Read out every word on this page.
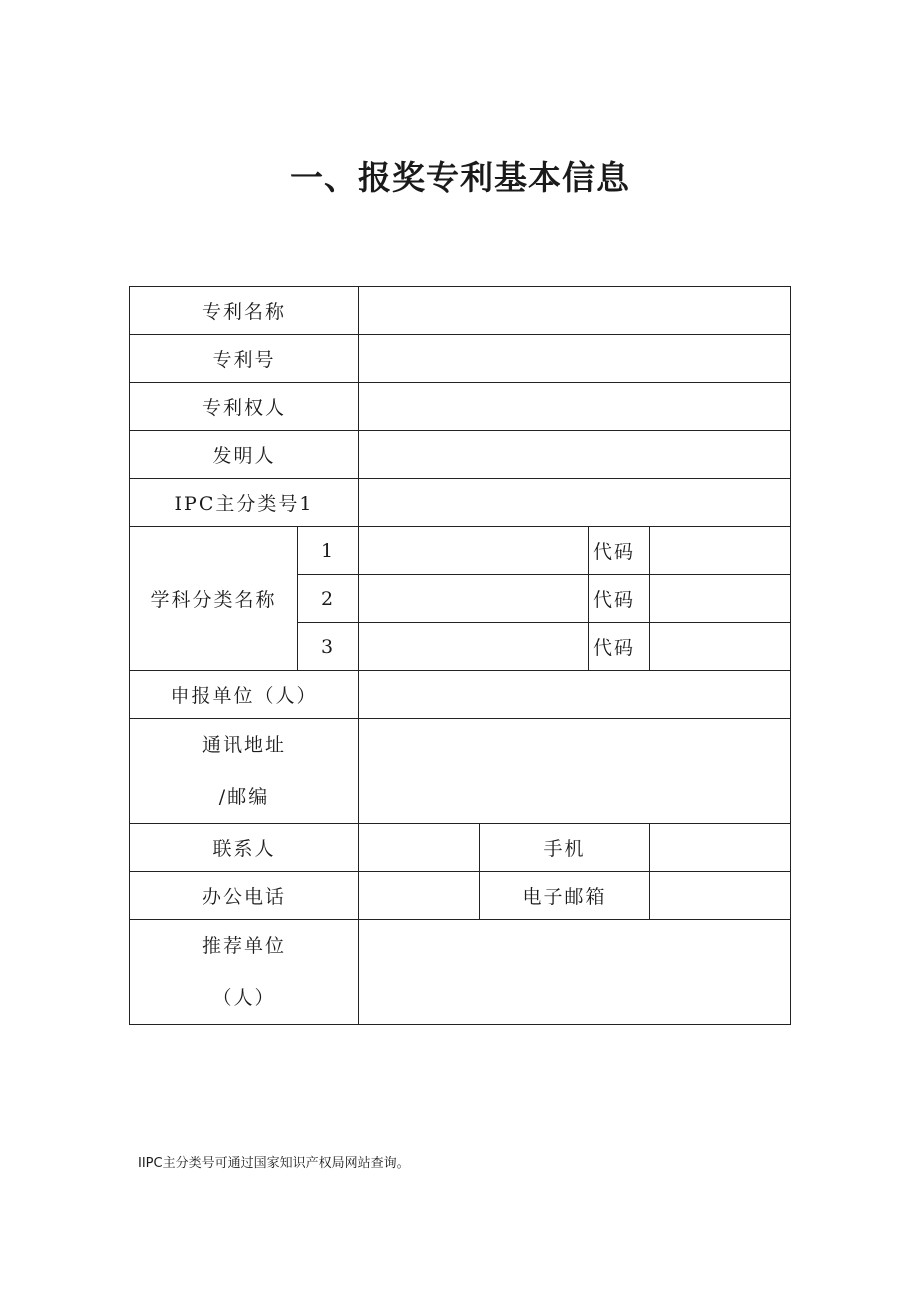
一、报奖专利基本信息
专利名称					
专利号					
专利权人					
发明人					
IPC主分类号1					
学科分类名称	1			代码	
	2			代码	
	3			代码	
申报单位（人）					

通讯地址
/邮编					

联系人			手机		
办公电话			电子邮箱		

推荐单位
（人）					

IIPC主分类号可通过国家知识产权局网站查询。
